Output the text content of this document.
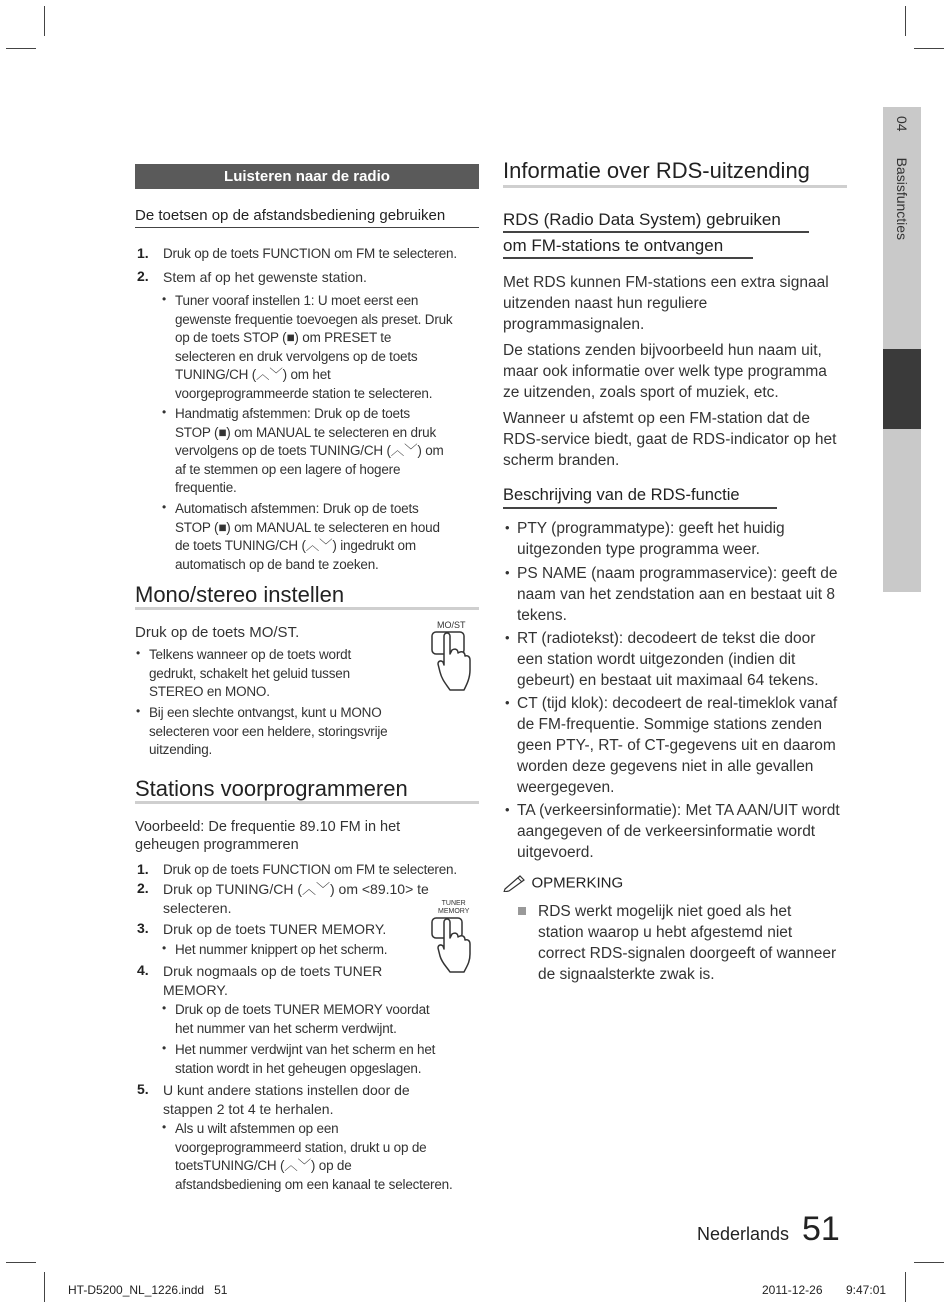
04Basisfuncties
Luisteren naar de radio
De toetsen op de afstandsbediening gebruiken
1. Druk op de toets FUNCTION om FM te selecteren.
2. Stem af op het gewenste station.
• Tuner vooraf instellen 1: U moet eerst een
gewenste frequentie toevoegen als preset. Druk
op de toets STOP (■) om PRESET te
selecteren en druk vervolgens op de toets
TUNING/CH (︿﹀) om het
voorgeprogrammeerde station te selecteren.
• Handmatig afstemmen: Druk op de toets
STOP (■) om MANUAL te selecteren en druk
vervolgens op de toets TUNING/CH (︿﹀) om
af te stemmen op een lagere of hogere
frequentie.
• Automatisch afstemmen: Druk op de toets
STOP (■) om MANUAL te selecteren en houd
de toets TUNING/CH (︿﹀) ingedrukt om
automatisch op de band te zoeken.
Mono/stereo instellen
Druk op de toets MO/ST.
• Telkens wanneer op de toets wordt
gedrukt, schakelt het geluid tussen
STEREO en MONO.
• Bij een slechte ontvangst, kunt u MONO
selecteren voor een heldere, storingsvrije
uitzending.
MO/ST
Stations voorprogrammeren
Voorbeeld: De frequentie 89.10 FM in het
geheugen programmeren
1. Druk op de toets FUNCTION om FM te selecteren.
2. Druk op TUNING/CH (︿﹀) om <89.10> te
selecteren.
3. Druk op de toets TUNER MEMORY.
• Het nummer knippert op het scherm.
4. Druk nogmaals op de toets TUNER
MEMORY.
• Druk op de toets TUNER MEMORY voordat
het nummer van het scherm verdwijnt.
• Het nummer verdwijnt van het scherm en het
station wordt in het geheugen opgeslagen.
5. U kunt andere stations instellen door de
stappen 2 tot 4 te herhalen.
• Als u wilt afstemmen op een
voorgeprogrammeerd station, drukt u op de
toetsTUNING/CH (︿﹀) op de
afstandsbediening om een kanaal te selecteren.
TUNER
MEMORY
Informatie over RDS-uitzending
RDS (Radio Data System) gebruiken
om FM-stations te ontvangen
Met RDS kunnen FM-stations een extra signaal
uitzenden naast hun reguliere
programmasignalen.
De stations zenden bijvoorbeeld hun naam uit,
maar ook informatie over welk type programma
ze uitzenden, zoals sport of muziek, etc.
Wanneer u afstemt op een FM-station dat de
RDS-service biedt, gaat de RDS-indicator op het
scherm branden.
Beschrijving van de RDS-functie
• PTY (programmatype): geeft het huidig
uitgezonden type programma weer.
• PS NAME (naam programmaservice): geeft de
naam van het zendstation aan en bestaat uit 8
tekens.
• RT (radiotekst): decodeert de tekst die door
een station wordt uitgezonden (indien dit
gebeurt) en bestaat uit maximaal 64 tekens.
• CT (tijd klok): decodeert de real-timeklok vanaf
de FM-frequentie. Sommige stations zenden
geen PTY-, RT- of CT-gegevens uit en daarom
worden deze gegevens niet in alle gevallen
weergegeven.
• TA (verkeersinformatie): Met TA AAN/UIT wordt
aangegeven of de verkeersinformatie wordt
uitgevoerd.
OPMERKING
RDS werkt mogelijk niet goed als het
station waarop u hebt afgestemd niet
correct RDS-signalen doorgeeft of wanneer
de signaalsterkte zwak is.
Nederlands 51
HT-D5200_NL_1226.indd   51	2011-12-26 9:47:01
